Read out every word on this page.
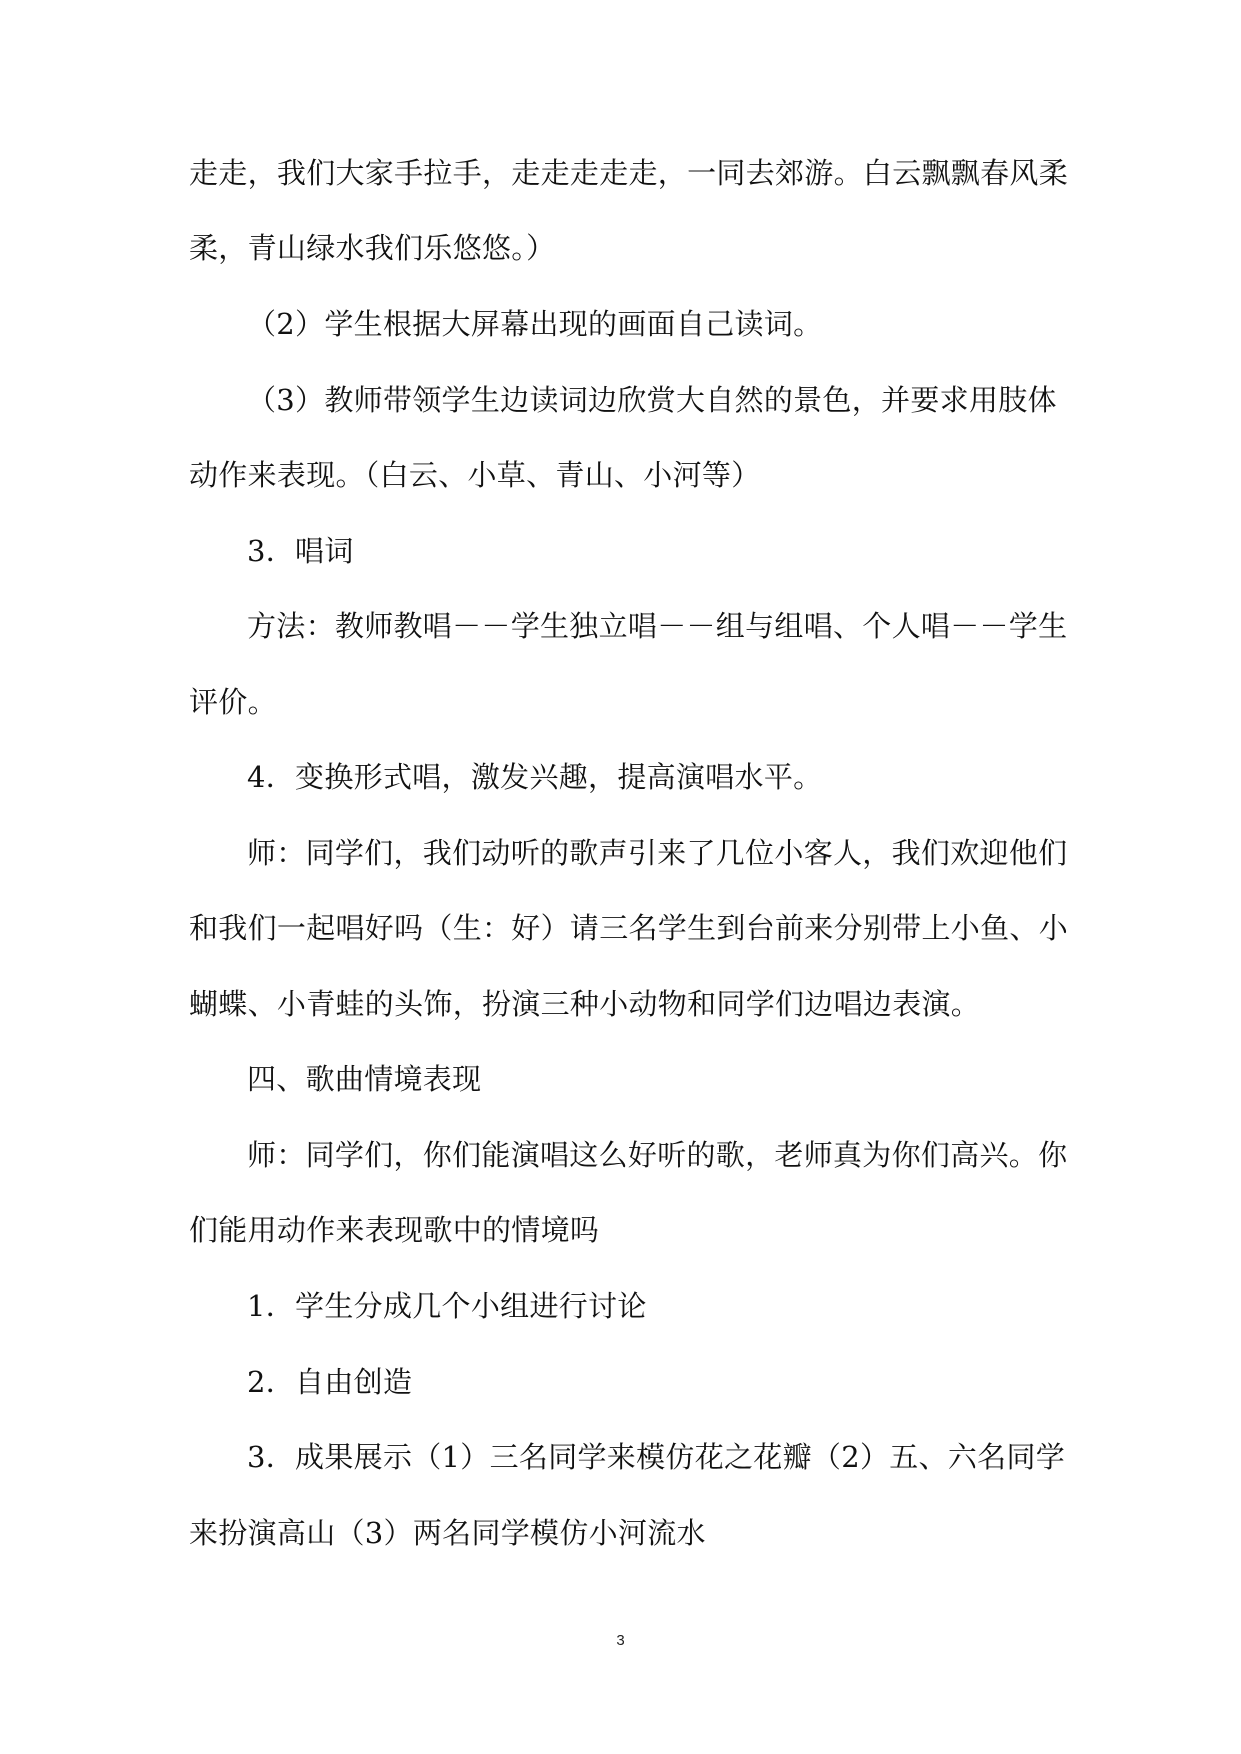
走走，我们大家手拉手，走走走走走，一同去郊游。白云飘飘春风柔
柔，青山绿水我们乐悠悠。）
（2）学生根据大屏幕出现的画面自己读词。
（3）教师带领学生边读词边欣赏大自然的景色，并要求用肢体
动作来表现。（白云、小草、青山、小河等）
3．唱词
方法：教师教唱－－学生独立唱－－组与组唱、个人唱－－学生
评价。
4．变换形式唱，激发兴趣，提高演唱水平。
师：同学们，我们动听的歌声引来了几位小客人，我们欢迎他们
和我们一起唱好吗（生：好）请三名学生到台前来分别带上小鱼、小
蝴蝶、小青蛙的头饰，扮演三种小动物和同学们边唱边表演。
四、歌曲情境表现
师：同学们，你们能演唱这么好听的歌，老师真为你们高兴。你
们能用动作来表现歌中的情境吗
1．学生分成几个小组进行讨论
2．自由创造
3．成果展示（1）三名同学来模仿花之花瓣（2）五、六名同学
来扮演高山（3）两名同学模仿小河流水
3
